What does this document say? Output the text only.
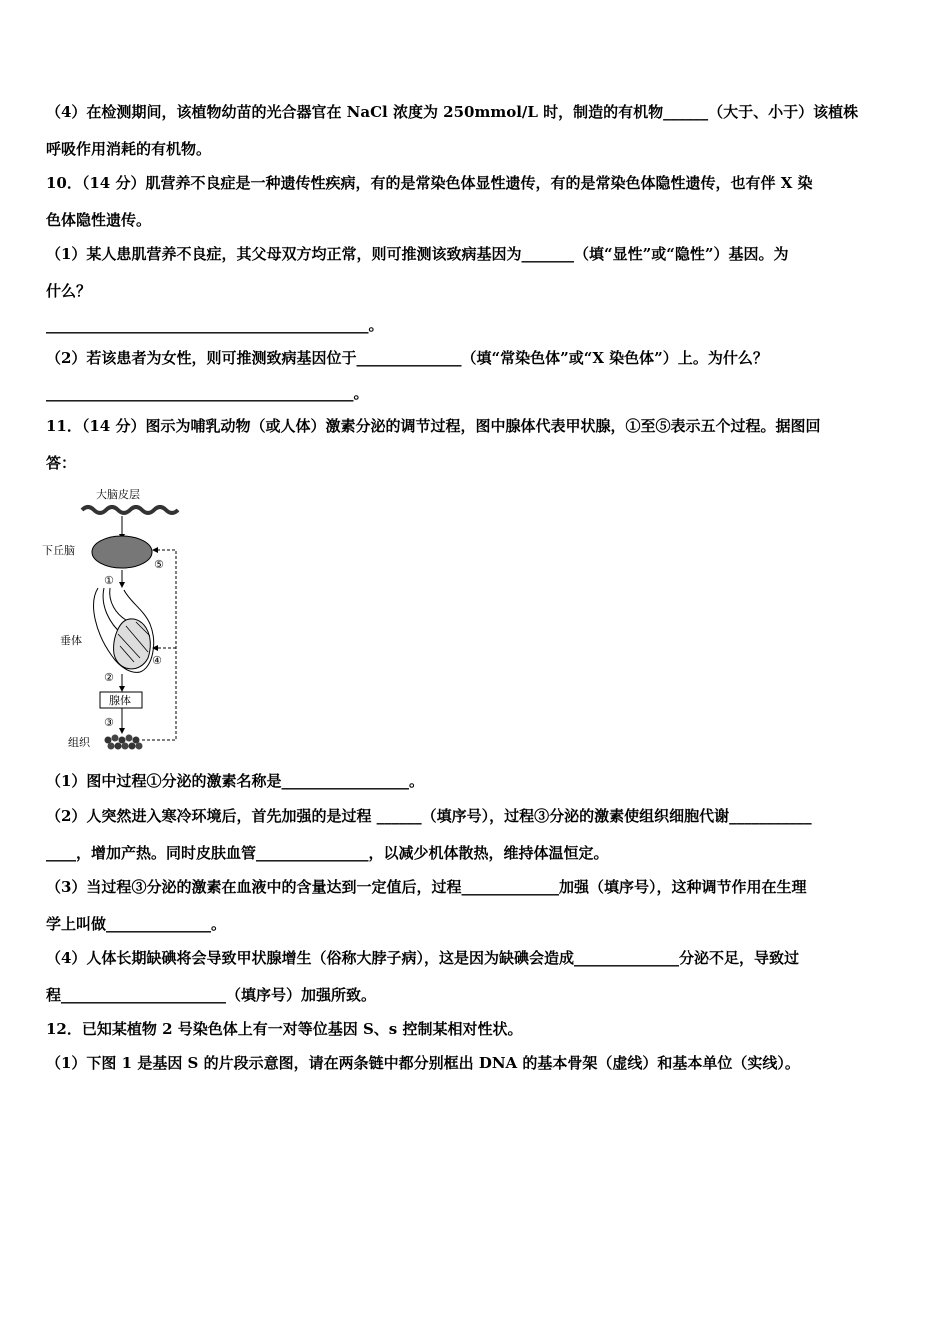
（4）在检测期间，该植物幼苗的光合器官在 NaCl 浓度为 250mmol/L 时，制造的有机物______（大于、小于）该植株
呼吸作用消耗的有机物。
10．（14 分）肌营养不良症是一种遗传性疾病，有的是常染色体显性遗传，有的是常染色体隐性遗传，也有伴 X 染
色体隐性遗传。
（1）某人患肌营养不良症，其父母双方均正常，则可推测该致病基因为_______（填“显性”或“隐性”）基因。为
什么？
___________________________________________。
（2）若该患者为女性，则可推测致病基因位于______________（填“常染色体”或“X 染色体”）上。为什么？
_________________________________________。
11．（14 分）图示为哺乳动物（或人体）激素分泌的调节过程，图中腺体代表甲状腺，①至⑤表示五个过程。据图回
答：
大脑皮层
下丘脑
①
垂体
②
腺体
③
组织
⑤
④
（1）图中过程①分泌的激素名称是_________________。
（2）人突然进入寒冷环境后，首先加强的是过程 ______（填序号），过程③分泌的激素使组织细胞代谢___________
____，增加产热。同时皮肤血管_______________，以减少机体散热，维持体温恒定。
（3）当过程③分泌的激素在血液中的含量达到一定值后，过程_____________加强（填序号），这种调节作用在生理
学上叫做______________。
（4）人体长期缺碘将会导致甲状腺增生（俗称大脖子病），这是因为缺碘会造成______________分泌不足，导致过
程______________________（填序号）加强所致。
12．已知某植物 2 号染色体上有一对等位基因 S、s 控制某相对性状。
（1）下图 1 是基因 S 的片段示意图，请在两条链中都分别框出 DNA 的基本骨架（虚线）和基本单位（实线）。
